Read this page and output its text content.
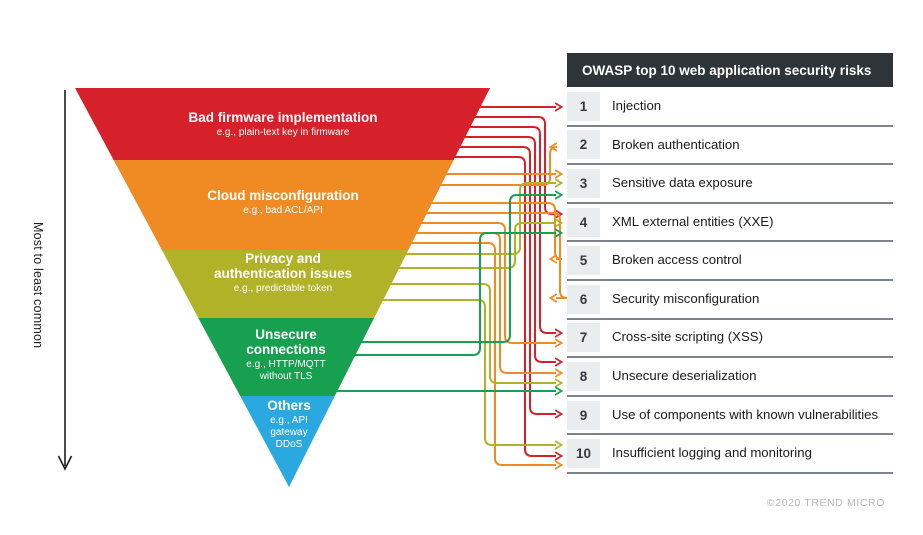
Bad firmware implementation
e.g., plain-text key in firmware
Cloud misconfiguration
e.g., bad ACL/API
Privacy and
authentication issues
e.g., predictable token
Unsecure
connections
e.g., HTTP/MQTT
without TLS
Others
e.g., API
gateway
DDoS
Most to least common
OWASP top 10 web application security risks
1	Injection
2	Broken authentication
3	Sensitive data exposure
4	XML external entities (XXE)
5	Broken access control
6	Security misconfiguration
7	Cross-site scripting (XSS)
8	Unsecure deserialization
9	Use of components with known vulnerabilities
10	Insufficient logging and monitoring
©2020 TREND MICRO
